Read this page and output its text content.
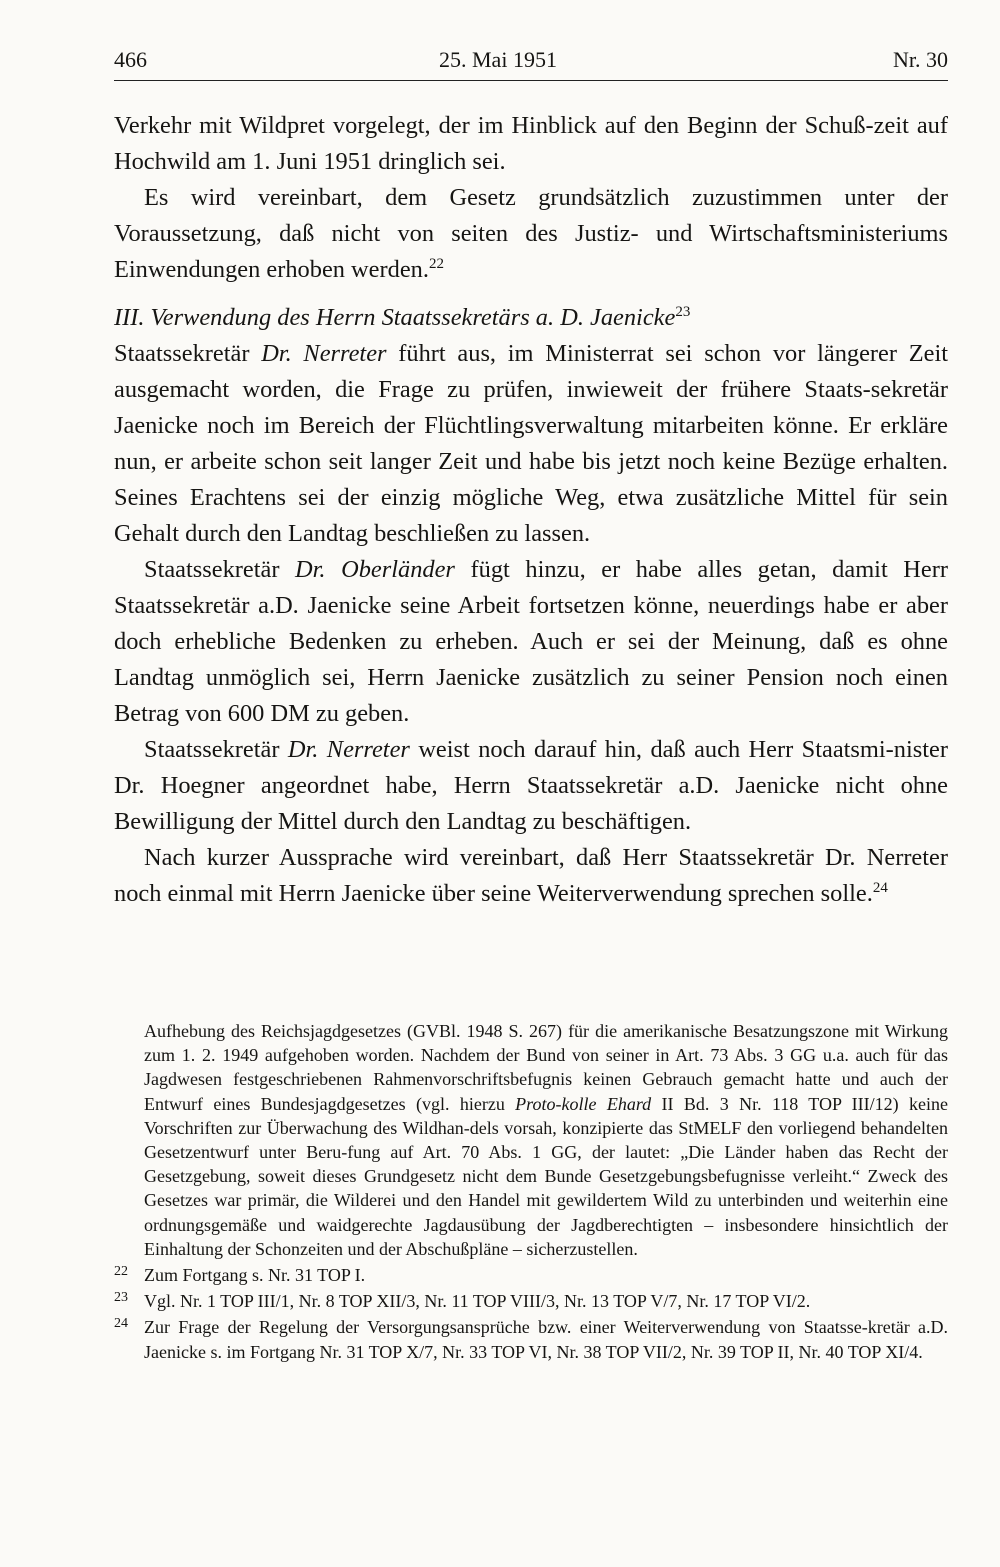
466	25. Mai 1951	Nr. 30

Verkehr mit Wildpret vorgelegt, der im Hinblick auf den Beginn der Schuß-zeit auf Hochwild am 1. Juni 1951 dringlich sei.

Es wird vereinbart, dem Gesetz grundsätzlich zuzustimmen unter der Voraussetzung, daß nicht von seiten des Justiz- und Wirtschaftsministeriums Einwendungen erhoben werden.$^{22}$

III. Verwendung des Herrn Staatssekretärs a. D. Jaenicke$^{23}$

Staatssekretär Dr. Nerreter führt aus, im Ministerrat sei schon vor längerer Zeit ausgemacht worden, die Frage zu prüfen, inwieweit der frühere Staats-sekretär Jaenicke noch im Bereich der Flüchtlingsverwaltung mitarbeiten könne. Er erkläre nun, er arbeite schon seit langer Zeit und habe bis jetzt noch keine Bezüge erhalten. Seines Erachtens sei der einzig mögliche Weg, etwa zusätzliche Mittel für sein Gehalt durch den Landtag beschließen zu lassen.

Staatssekretär Dr. Oberländer fügt hinzu, er habe alles getan, damit Herr Staatssekretär a.D. Jaenicke seine Arbeit fortsetzen könne, neuerdings habe er aber doch erhebliche Bedenken zu erheben. Auch er sei der Meinung, daß es ohne Landtag unmöglich sei, Herrn Jaenicke zusätzlich zu seiner Pension noch einen Betrag von 600 DM zu geben.

Staatssekretär Dr. Nerreter weist noch darauf hin, daß auch Herr Staatsmi-nister Dr. Hoegner angeordnet habe, Herrn Staatssekretär a.D. Jaenicke nicht ohne Bewilligung der Mittel durch den Landtag zu beschäftigen.

Nach kurzer Aussprache wird vereinbart, daß Herr Staatssekretär Dr. Nerreter noch einmal mit Herrn Jaenicke über seine Weiterverwendung sprechen solle.$^{24}$

Aufhebung des Reichsjagdgesetzes (GVBl. 1948 S. 267) für die amerikanische Besatzungszone mit Wirkung zum 1. 2. 1949 aufgehoben worden. Nachdem der Bund von seiner in Art. 73 Abs. 3 GG u.a. auch für das Jagdwesen festgeschriebenen Rahmenvorschriftsbefugnis keinen Gebrauch gemacht hatte und auch der Entwurf eines Bundesjagdgesetzes (vgl. hierzu Proto-kolle Ehard II Bd. 3 Nr. 118 TOP III/12) keine Vorschriften zur Überwachung des Wildhan-dels vorsah, konzipierte das StMELF den vorliegend behandelten Gesetzentwurf unter Beru-fung auf Art. 70 Abs. 1 GG, der lautet: „Die Länder haben das Recht der Gesetzgebung, soweit dieses Grundgesetz nicht dem Bunde Gesetzgebungsbefugnisse verleiht.“ Zweck des Gesetzes war primär, die Wilderei und den Handel mit gewildertem Wild zu unterbinden und weiterhin eine ordnungsgemäße und waidgerechte Jagdausübung der Jagdberechtigten – insbesondere hinsichtlich der Einhaltung der Schonzeiten und der Abschußpläne – sicherzustellen.

22 Zum Fortgang s. Nr. 31 TOP I.
23 Vgl. Nr. 1 TOP III/1, Nr. 8 TOP XII/3, Nr. 11 TOP VIII/3, Nr. 13 TOP V/7, Nr. 17 TOP VI/2.
24 Zur Frage der Regelung der Versorgungsansprüche bzw. einer Weiterverwendung von Staatsse-kretär a.D. Jaenicke s. im Fortgang Nr. 31 TOP X/7, Nr. 33 TOP VI, Nr. 38 TOP VII/2, Nr. 39 TOP II, Nr. 40 TOP XI/4.
